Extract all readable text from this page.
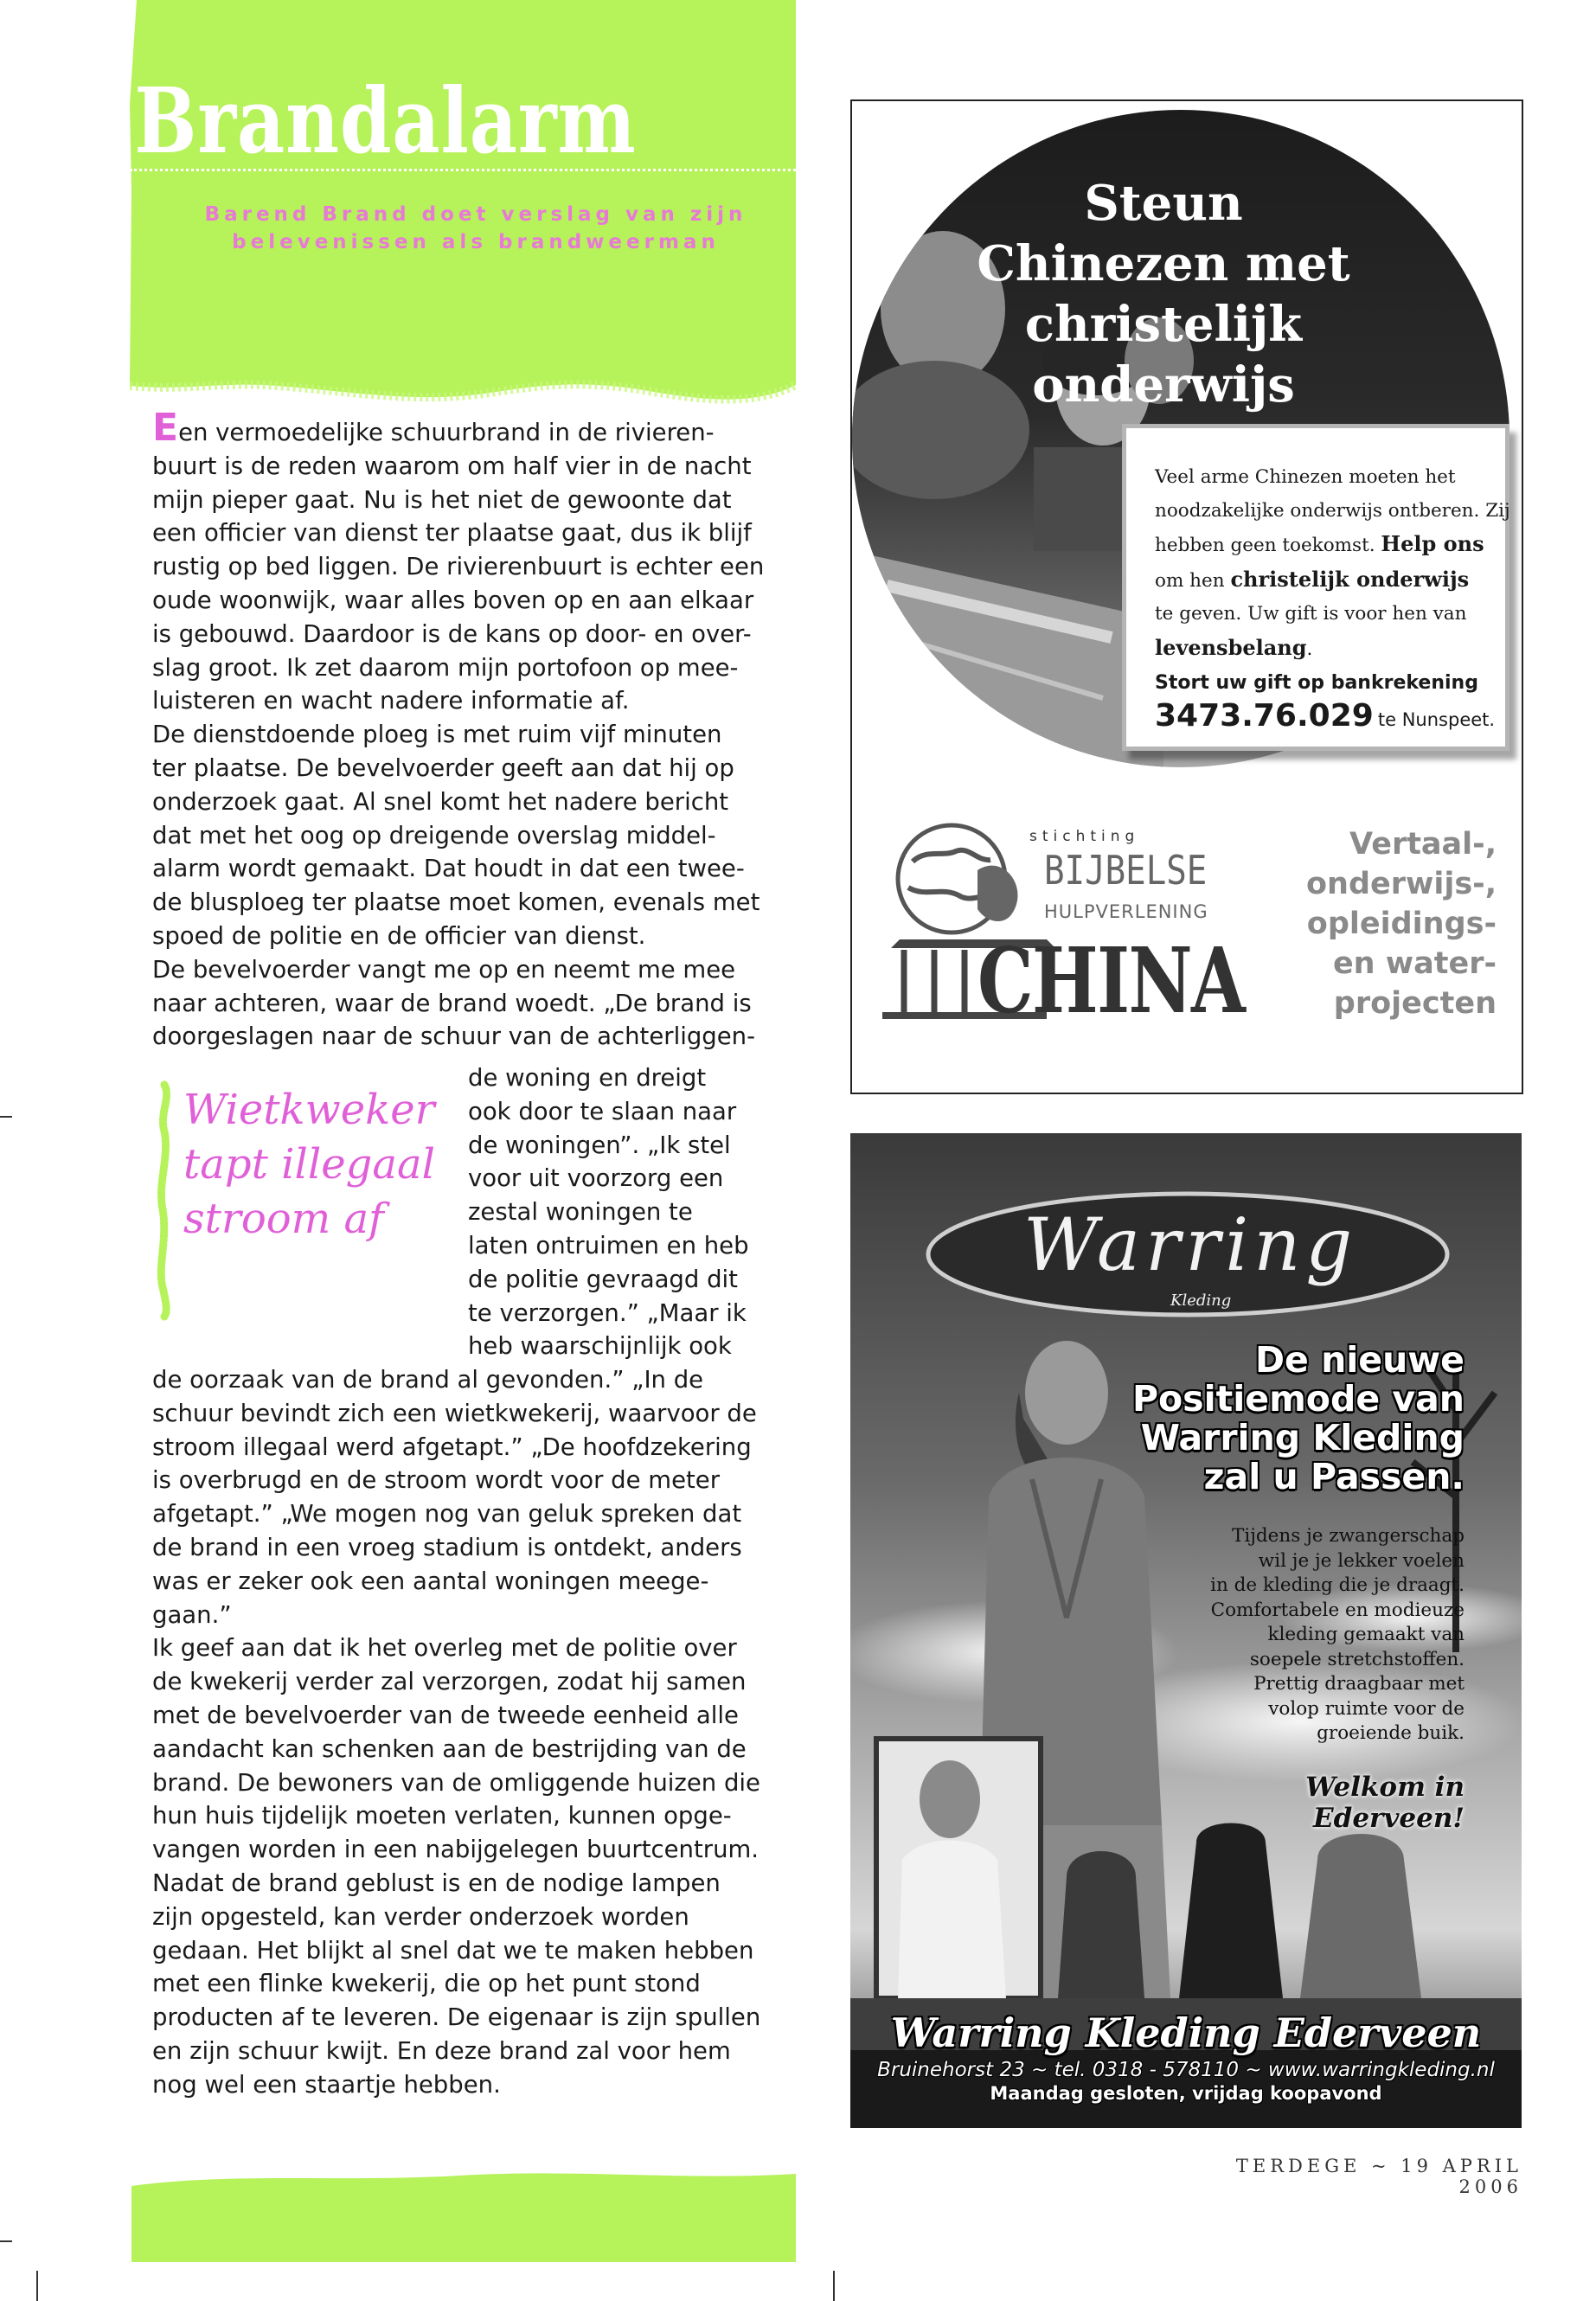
Brandalarm
Barend Brand doet verslag van zijn
belevenissen als brandweerman
Een vermoedelijke schuurbrand in de rivieren-
buurt is de reden waarom om half vier in de nacht
mijn pieper gaat. Nu is het niet de gewoonte dat
een officier van dienst ter plaatse gaat, dus ik blijf
rustig op bed liggen. De rivierenbuurt is echter een
oude woonwijk, waar alles boven op en aan elkaar
is gebouwd. Daardoor is de kans op door- en over-
slag groot. Ik zet daarom mijn portofoon op mee-
luisteren en wacht nadere informatie af.
De dienstdoende ploeg is met ruim vijf minuten
ter plaatse. De bevelvoerder geeft aan dat hij op
onderzoek gaat. Al snel komt het nadere bericht
dat met het oog op dreigende overslag middel-
alarm wordt gemaakt. Dat houdt in dat een twee-
de blusploeg ter plaatse moet komen, evenals met
spoed de politie en de officier van dienst.
De bevelvoerder vangt me op en neemt me mee
naar achteren, waar de brand woedt. „De brand is
doorgeslagen naar de schuur van de achterliggen-
de woning en dreigt
ook door te slaan naar
de woningen”. „Ik stel
voor uit voorzorg een
zestal woningen te
laten ontruimen en heb
de politie gevraagd dit
te verzorgen.” „Maar ik
heb waarschijnlijk ook
Wietkweker
tapt illegaal
stroom af
de oorzaak van de brand al gevonden.” „In de
schuur bevindt zich een wietkwekerij, waarvoor de
stroom illegaal werd afgetapt.” „De hoofdzekering
is overbrugd en de stroom wordt voor de meter
afgetapt.” „We mogen nog van geluk spreken dat
de brand in een vroeg stadium is ontdekt, anders
was er zeker ook een aantal woningen meege-
gaan.”
Ik geef aan dat ik het overleg met de politie over
de kwekerij verder zal verzorgen, zodat hij samen
met de bevelvoerder van de tweede eenheid alle
aandacht kan schenken aan de bestrijding van de
brand. De bewoners van de omliggende huizen die
hun huis tijdelijk moeten verlaten, kunnen opge-
vangen worden in een nabijgelegen buurtcentrum.
Nadat de brand geblust is en de nodige lampen
zijn opgesteld, kan verder onderzoek worden
gedaan. Het blijkt al snel dat we te maken hebben
met een flinke kwekerij, die op het punt stond
producten af te leveren. De eigenaar is zijn spullen
en zijn schuur kwijt. En deze brand zal voor hem
nog wel een staartje hebben.
Steun
Chinezen met
christelijk onderwijs
Veel arme Chinezen moeten het
noodzakelijke onderwijs ontberen. Zij
hebben geen toekomst. Help ons
om hen christelijk onderwijs
te geven. Uw gift is voor hen van
levensbelang.
Stort uw gift op bankrekening
3473.76.029 te Nunspeet.
stichting
BIJBELSE
HULPVERLENING
CHINA
Vertaal-,
onderwijs-,
opleidings-
en water-
projecten
Warring
Kleding
De nieuwe
Positiemode van
Warring Kleding
zal u Passen.
Tijdens je zwangerschap
wil je je lekker voelen
in de kleding die je draagt.
Comfortabele en modieuze
kleding gemaakt van
soepele stretchstoffen.
Prettig draagbaar met
volop ruimte voor de
groeiende buik.
Welkom in Ederveen!
Warring Kleding Ederveen
Bruinehorst 23 ~ tel. 0318 - 578110 ~ www.warringkleding.nl
Maandag gesloten, vrijdag koopavond
TERDEGE ~ 19 APRIL 2006
